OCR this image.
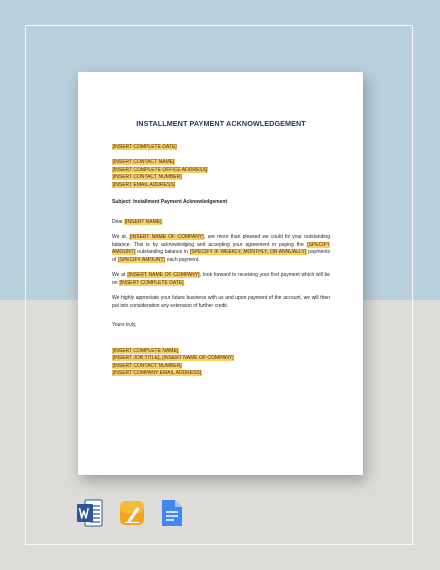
INSTALLMENT PAYMENT ACKNOWLEDGEMENT
[INSERT COMPLETE DATE]
[INSERT CONTACT NAME]
[INSERT COMPLETE OFFICE ADDRESS]
[INSERT CONTACT NUMBER]
[INSERT EMAIL ADDRESS]
Subject: Installment Payment Acknowledgement
Dear [INSERT NAME],
We at, [INSERT NAME OF COMPANY], are more than pleased we could fix your outstanding balance. This is by acknowledging and accepting your agreement in paying the [SPECIFY AMOUNT] outstanding balance in [SPECIFY IF WEEKLY, MONTHLY, OR ANNUALLY] payments of [SPECIFY AMOUNT] each payment.
We at [INSERT NAME OF COMPANY], look forward to receiving your first payment which will be on [INSERT COMPLETE DATE].
We highly appreciate your future business with us and upon payment of the account, we will then put into consideration any extension of further credit.
Yours truly,
[INSERT COMPLETE NAME]
[INSERT JOB TITLE], [INSERT NAME OF COMPANY]
[INSERT CONTACT NUMBER]
[INSERT COMPANY EMAIL ADDRESS]
